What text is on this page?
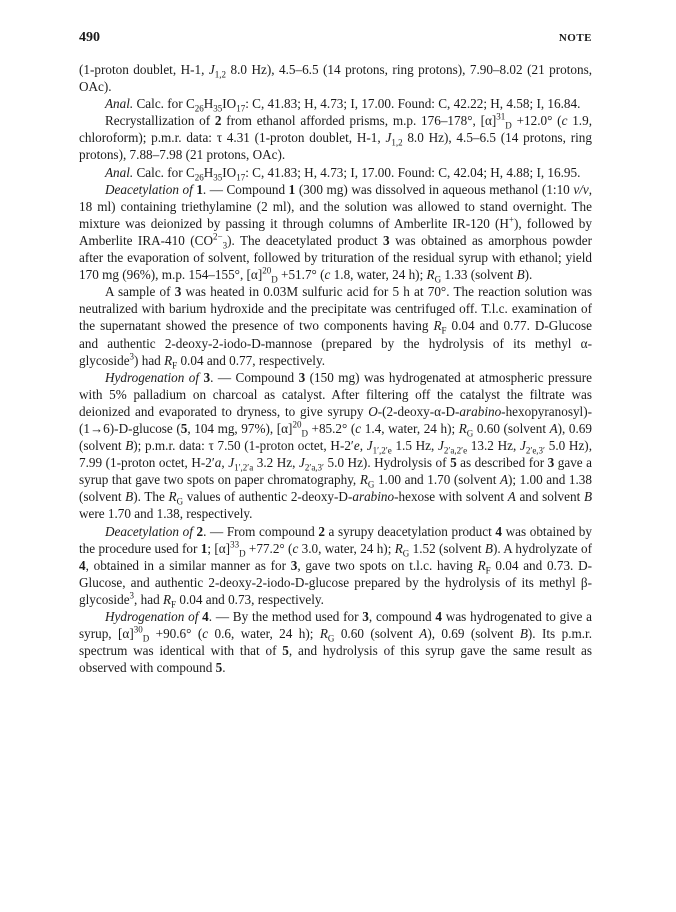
490	NOTE

(1-proton doublet, H-1, $J_{1,2}$ 8.0 Hz), 4.5–6.5 (14 protons, ring protons), 7.90–8.02 (21 protons, OAc).

Anal. Calc. for $C_{26}H_{35}IO_{17}$: C, 41.83; H, 4.73; I, 17.00. Found: C, 42.22; H, 4.58; I, 16.84.

Recrystallization of 2 from ethanol afforded prisms, m.p. 176–178°, $[\alpha]^{31}_D +12.0^\circ$ (c 1.9, chloroform); p.m.r. data: τ 4.31 (1-proton doublet, H-1, $J_{1,2}$ 8.0 Hz), 4.5–6.5 (14 protons, ring protons), 7.88–7.98 (21 protons, OAc).

Anal. Calc. for $C_{26}H_{35}IO_{17}$: C, 41.83; H, 4.73; I, 17.00. Found: C, 42.04; H, 4.88; I, 16.95.

Deacetylation of 1. — Compound 1 (300 mg) was dissolved in aqueous methanol (1:10 v/v, 18 ml) containing triethylamine (2 ml), and the solution was allowed to stand overnight. The mixture was deionized by passing it through columns of Amberlite IR-120 (H+), followed by Amberlite IRA-410 $(CO^{2-}_3)$. The deacetylated product 3 was obtained as amorphous powder after the evaporation of solvent, followed by trituration of the residual syrup with ethanol; yield 170 mg (96%), m.p. 154–155°, $[\alpha]^{20}_D +51.7^\circ$ (c 1.8, water, 24 h); $R_G$ 1.33 (solvent B).

A sample of 3 was heated in 0.03M sulfuric acid for 5 h at 70°. The reaction solution was neutralized with barium hydroxide and the precipitate was centrifuged off. T.l.c. examination of the supernatant showed the presence of two components having $R_F$ 0.04 and 0.77. D-Glucose and authentic 2-deoxy-2-iodo-D-mannose (prepared by the hydrolysis of its methyl α-glycoside$^3$) had $R_F$ 0.04 and 0.77, respectively.

Hydrogenation of 3. — Compound 3 (150 mg) was hydrogenated at atmospheric pressure with 5% palladium on charcoal as catalyst. After filtering off the catalyst the filtrate was deionized and evaporated to dryness, to give syrupy O-(2-deoxy-α-D-arabino-hexopyranosyl)-(1→6)-D-glucose (5, 104 mg, 97%), $[\alpha]^{20}_D +85.2^\circ$ (c 1.4, water, 24 h); $R_G$ 0.60 (solvent A), 0.69 (solvent B); p.m.r. data: τ 7.50 (1-proton octet, H-2′e, $J_{1',2'e}$ 1.5 Hz, $J_{2'a,2'e}$ 13.2 Hz, $J_{2'e,3'}$ 5.0 Hz), 7.99 (1-proton octet, H-2′a, $J_{1',2'a}$ 3.2 Hz, $J_{2'a,3'}$ 5.0 Hz). Hydrolysis of 5 as described for 3 gave a syrup that gave two spots on paper chromatography, $R_G$ 1.00 and 1.70 (solvent A); 1.00 and 1.38 (solvent B). The $R_G$ values of authentic 2-deoxy-D-arabino-hexose with solvent A and solvent B were 1.70 and 1.38, respectively.

Deacetylation of 2. — From compound 2 a syrupy deacetylation product 4 was obtained by the procedure used for 1; $[\alpha]^{33}_D +77.2^\circ$ (c 3.0, water, 24 h); $R_G$ 1.52 (solvent B). A hydrolyzate of 4, obtained in a similar manner as for 3, gave two spots on t.l.c. having $R_F$ 0.04 and 0.73. D-Glucose, and authentic 2-deoxy-2-iodo-D-glucose prepared by the hydrolysis of its methyl β-glycoside$^3$, had $R_F$ 0.04 and 0.73, respectively.

Hydrogenation of 4. — By the method used for 3, compound 4 was hydrogenated to give a syrup, $[\alpha]^{30}_D +90.6^\circ$ (c 0.6, water, 24 h); $R_G$ 0.60 (solvent A), 0.69 (solvent B). Its p.m.r. spectrum was identical with that of 5, and hydrolysis of this syrup gave the same result as observed with compound 5.
